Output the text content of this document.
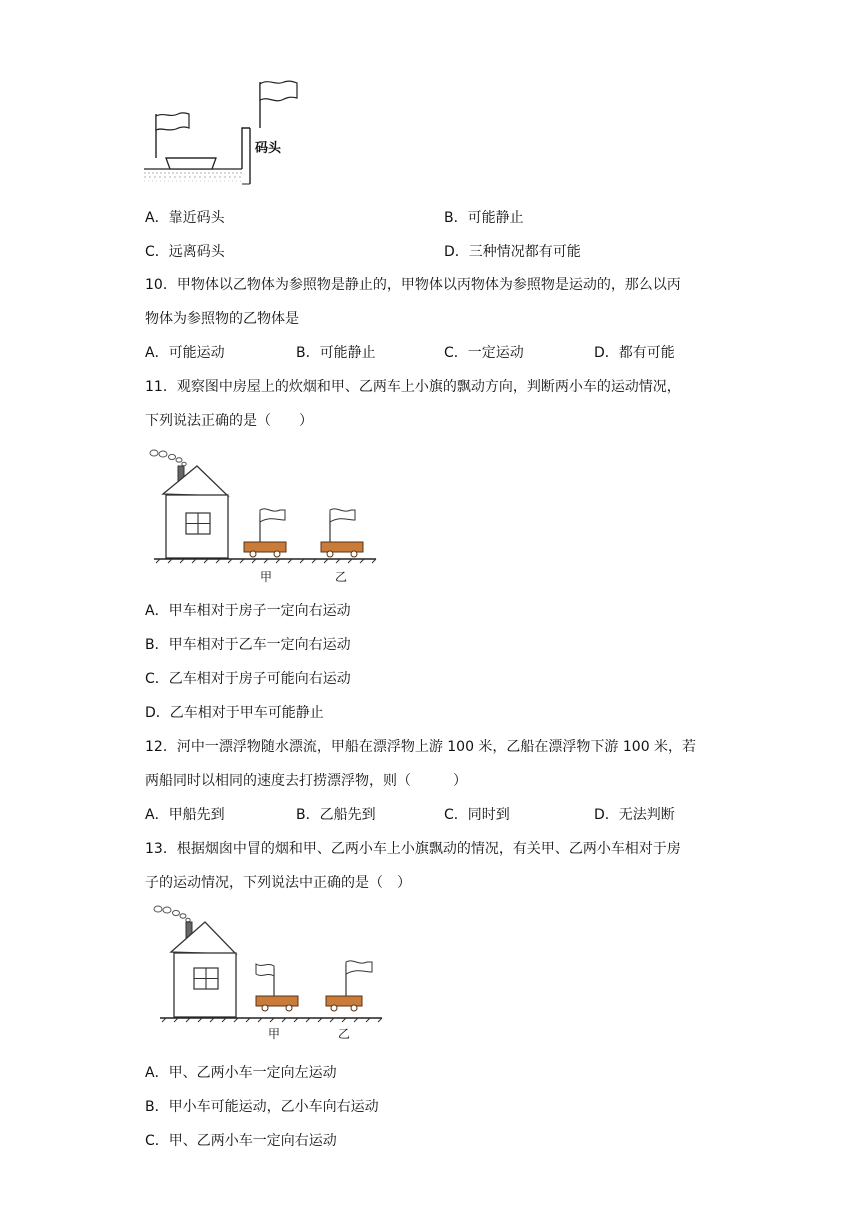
码头
A．靠近码头	B．可能静止
C．远离码头	D．三种情况都有可能
10．甲物体以乙物体为参照物是静止的，甲物体以丙物体为参照物是运动的，那么以丙
物体为参照物的乙物体是
A．可能运动	B．可能静止	C．一定运动	D．都有可能
11．观察图中房屋上的炊烟和甲、乙两车上小旗的飘动方向，判断两小车的运动情况，
下列说法正确的是（　　）
甲	乙
A．甲车相对于房子一定向右运动
B．甲车相对于乙车一定向右运动
C．乙车相对于房子可能向右运动
D．乙车相对于甲车可能静止
12．河中一漂浮物随水漂流，甲船在漂浮物上游 100 米，乙船在漂浮物下游 100 米，若
两船同时以相同的速度去打捞漂浮物，则（　　　）
A．甲船先到	B．乙船先到	C．同时到	D．无法判断
13．根据烟囱中冒的烟和甲、乙两小车上小旗飘动的情况，有关甲、乙两小车相对于房
子的运动情况，下列说法中正确的是（　）
甲	乙
A．甲、乙两小车一定向左运动
B．甲小车可能运动，乙小车向右运动
C．甲、乙两小车一定向右运动
